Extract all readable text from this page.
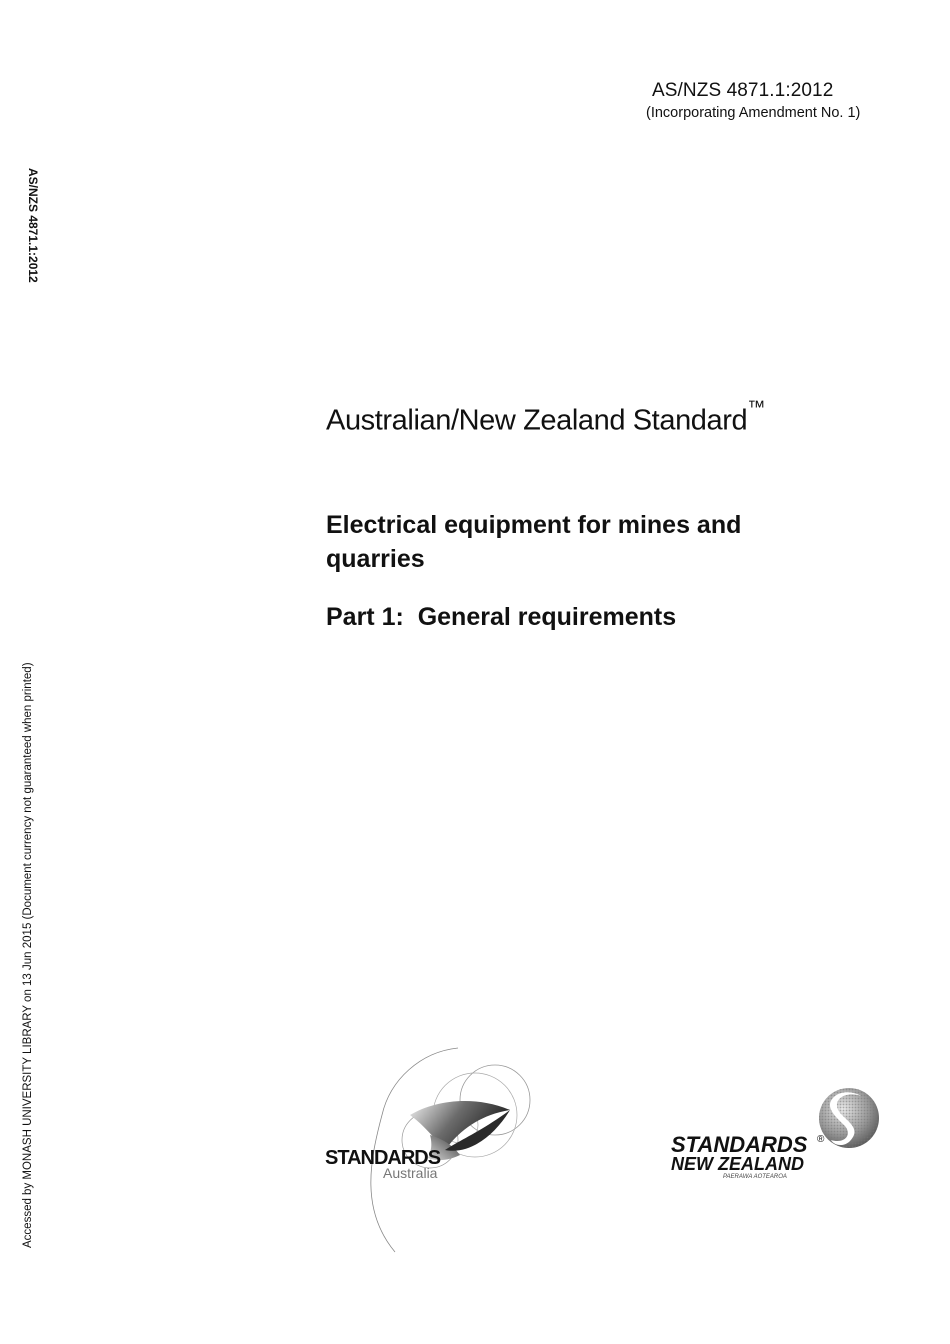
AS/NZS 4871.1:2012
(Incorporating Amendment No. 1)
AS/NZS 4871.1:2012
Accessed by MONASH UNIVERSITY LIBRARY on 13 Jun 2015 (Document currency not guaranteed when printed)
Australian/New Zealand Standard™
Electrical equipment for mines and quarries
Part 1:  General requirements
STANDARDS
Australia
STANDARDS ®
NEW ZEALAND
PAERAWA AOTEAROA
